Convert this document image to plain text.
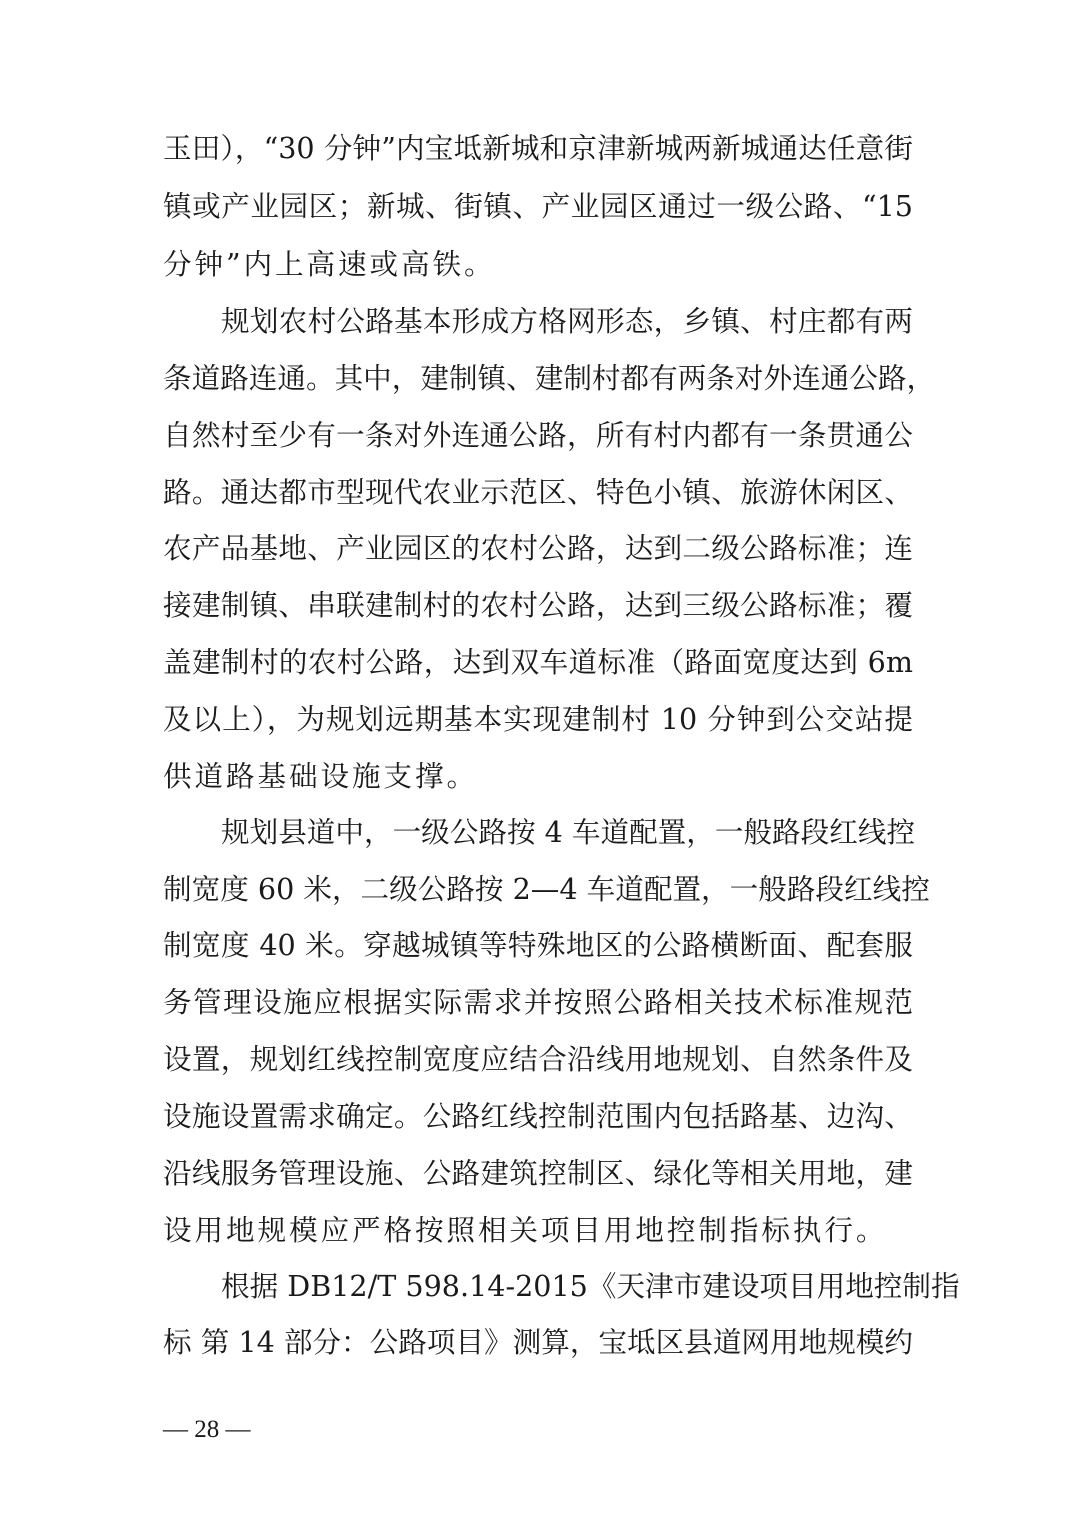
玉田），“30 分钟”内宝坻新城和京津新城两新城通达任意街
镇或产业园区；新城、街镇、产业园区通过一级公路、“15
分钟”内上高速或高铁。
规划农村公路基本形成方格网形态，乡镇、村庄都有两
条道路连通。其中，建制镇、建制村都有两条对外连通公路，
自然村至少有一条对外连通公路，所有村内都有一条贯通公
路。通达都市型现代农业示范区、特色小镇、旅游休闲区、
农产品基地、产业园区的农村公路，达到二级公路标准；连
接建制镇、串联建制村的农村公路，达到三级公路标准；覆
盖建制村的农村公路，达到双车道标准（路面宽度达到 6m
及以上），为规划远期基本实现建制村 10 分钟到公交站提
供道路基础设施支撑。
规划县道中，一级公路按 4 车道配置，一般路段红线控
制宽度 60 米，二级公路按 2—4 车道配置，一般路段红线控
制宽度 40 米。穿越城镇等特殊地区的公路横断面、配套服
务管理设施应根据实际需求并按照公路相关技术标准规范
设置，规划红线控制宽度应结合沿线用地规划、自然条件及
设施设置需求确定。公路红线控制范围内包括路基、边沟、
沿线服务管理设施、公路建筑控制区、绿化等相关用地，建
设用地规模应严格按照相关项目用地控制指标执行。
根据 DB12/T 598.14-2015《天津市建设项目用地控制指
标 第 14 部分：公路项目》测算，宝坻区县道网用地规模约
— 28 —
